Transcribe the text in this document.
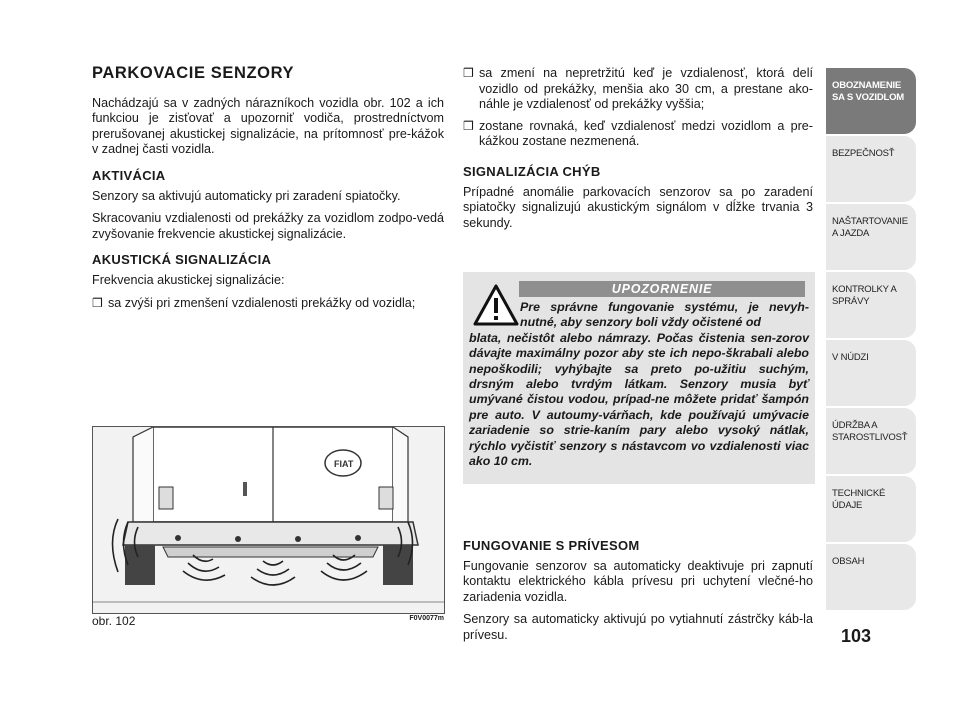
PARKOVACIE SENZORY

Nachádzajú sa v zadných nárazníkoch vozidla obr. 102 a ich funkciou je zisťovať a upozorniť vodiča, prostredníctvom prerušovanej akustickej signalizácie, na prítomnosť pre-kážok v zadnej časti vozidla.

AKTIVÁCIA

Senzory sa aktivujú automaticky pri zaradení spiatočky.

Skracovaniu vzdialenosti od prekážky za vozidlom zodpo-vedá zvyšovanie frekvencie akustickej signalizácie.

AKUSTICKÁ SIGNALIZÁCIA

Frekvencia akustickej signalizácie:

❒ sa zvýši pri zmenšení vzdialenosti prekážky od vozidla;
FIAT
obr. 102	F0V0077m
❒ sa zmení na nepretržitú keď je vzdialenosť, ktorá delí vozidlo od prekážky, menšia ako 30 cm, a prestane ako-náhle je vzdialenosť od prekážky vyššia;
❒ zostane rovnaká, keď vzdialenosť medzi vozidlom a pre-kážkou zostane nezmenená.
SIGNALIZÁCIA CHÝB

Prípadné anomálie parkovacích senzorov sa po zaradení spiatočky signalizujú akustickým signálom v dĺžke trvania 3 sekundy.

UPOZORNENIE
Pre správne fungovanie systému, je nevyh-nutné, aby senzory boli vždy očistené od
blata, nečistôt alebo námrazy. Počas čistenia sen-zorov dávajte maximálny pozor aby ste ich nepo-škrabali alebo nepoškodili; vyhýbajte sa preto po-užitiu suchým, drsným alebo tvrdým látkam. Senzory musia byť umývané čistou vodou, prípad-ne môžete pridať šampón pre auto. V autoumy-várňach, kde používajú umývacie zariadenie so strie-kaním pary alebo vysoký nátlak, rýchlo vyčistiť senzory s nástavcom vo vzdialenosti viac ako 10 cm.
FUNGOVANIE S PRÍVESOM

Fungovanie senzorov sa automaticky deaktivuje pri zapnutí kontaktu elektrického kábla prívesu pri uchytení vlečné-ho zariadenia vozidla.

Senzory sa automaticky aktivujú po vytiahnutí zástrčky káb-la prívesu.

OBOZNAMENIE SA S VOZIDLOM
BEZPEČNOSŤ
NAŠTARTOVANIE A JAZDA
KONTROLKY A SPRÁVY
V NÚDZI
ÚDRŽBA A STAROSTLIVOSŤ
TECHNICKÉ ÚDAJE
OBSAH
103
